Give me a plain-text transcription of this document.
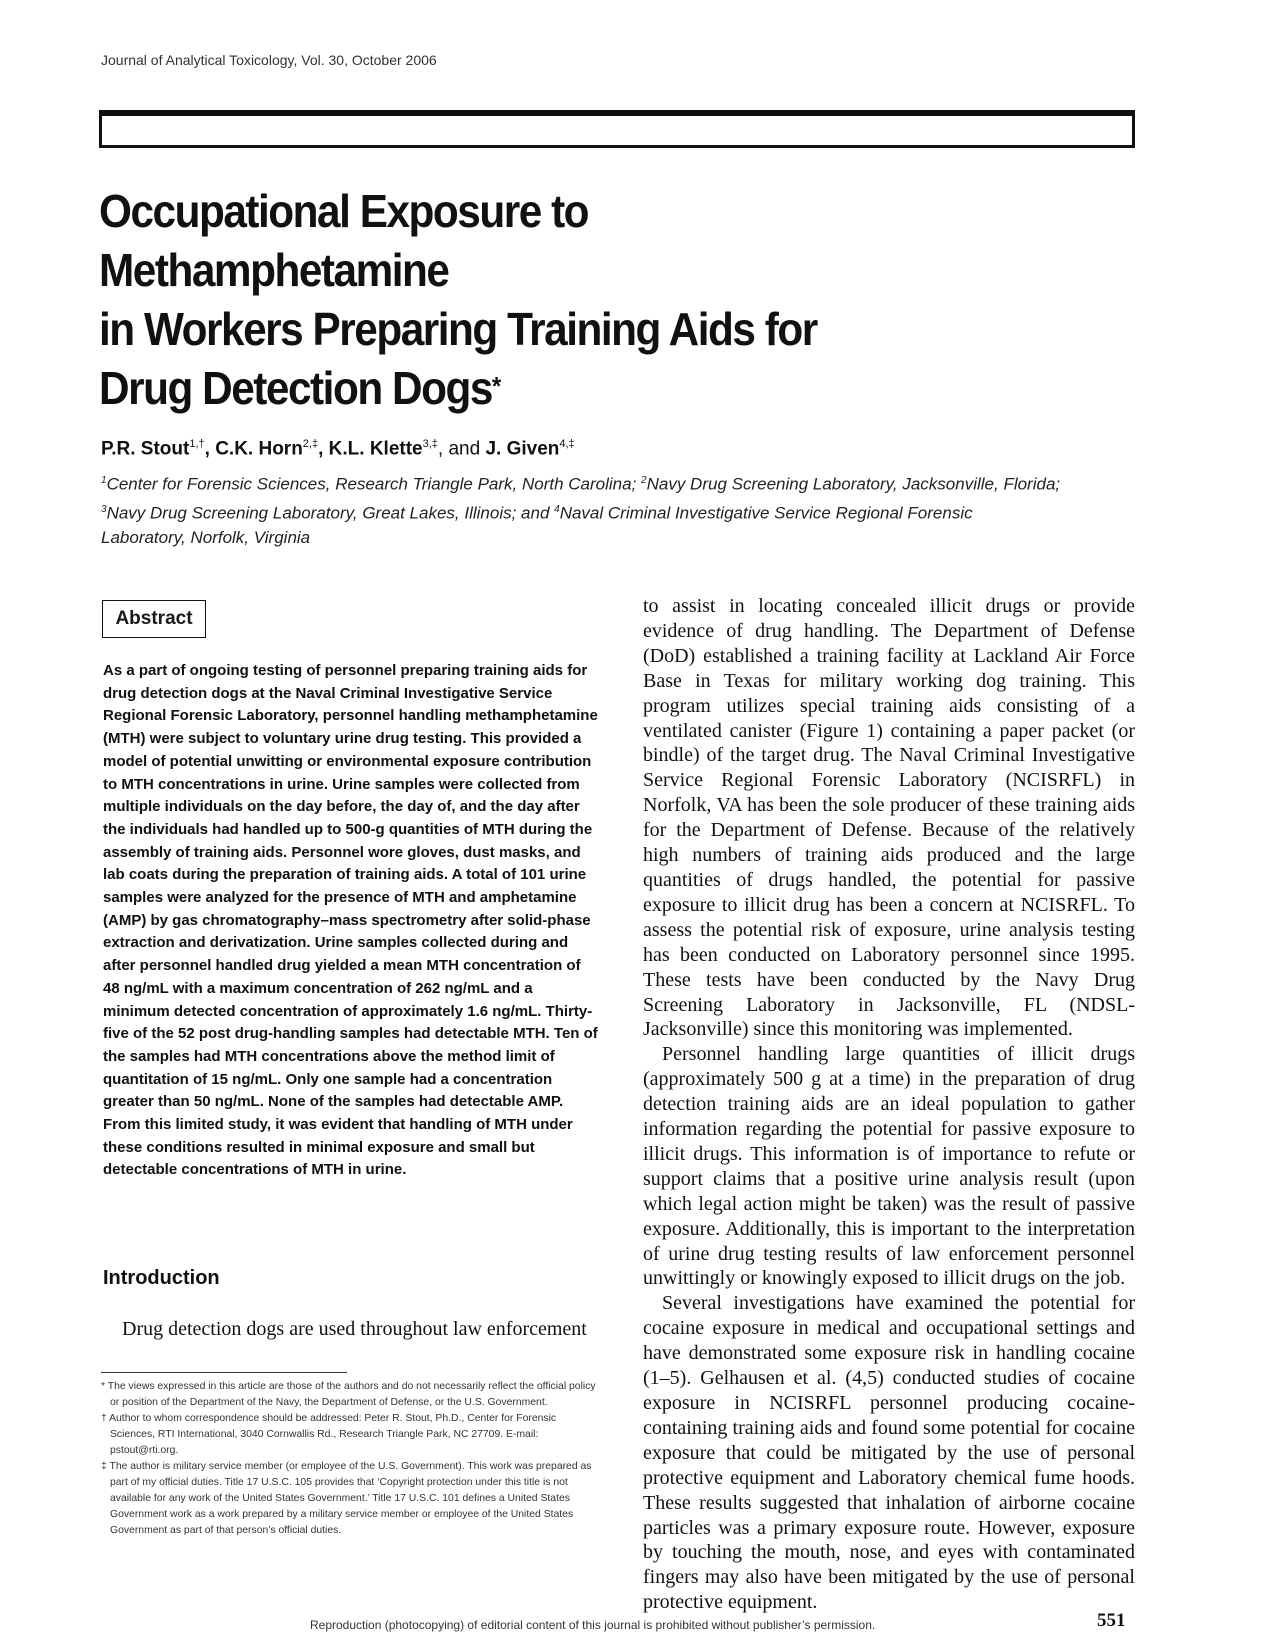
Journal of Analytical Toxicology, Vol. 30, October 2006
Occupational Exposure to Methamphetamine
in Workers Preparing Training Aids for
Drug Detection Dogs*
P.R. Stout$^{1,\dagger}$, C.K. Horn$^{2,\ddagger}$, K.L. Klette$^{3,\ddagger}$, and J. Given$^{4,\ddagger}$
$^1$Center for Forensic Sciences, Research Triangle Park, North Carolina; $^2$Navy Drug Screening Laboratory, Jacksonville, Florida; $^3$Navy Drug Screening Laboratory, Great Lakes, Illinois; and $^4$Naval Criminal Investigative Service Regional Forensic Laboratory, Norfolk, Virginia
Abstract

As a part of ongoing testing of personnel preparing training aids for drug detection dogs at the Naval Criminal Investigative Service Regional Forensic Laboratory, personnel handling methamphetamine (MTH) were subject to voluntary urine drug testing. This provided a model of potential unwitting or environmental exposure contribution to MTH concentrations in urine. Urine samples were collected from multiple individuals on the day before, the day of, and the day after the individuals had handled up to 500-g quantities of MTH during the assembly of training aids. Personnel wore gloves, dust masks, and lab coats during the preparation of training aids. A total of 101 urine samples were analyzed for the presence of MTH and amphetamine (AMP) by gas chromatography–mass spectrometry after solid-phase extraction and derivatization. Urine samples collected during and after personnel handled drug yielded a mean MTH concentration of 48 ng/mL with a maximum concentration of 262 ng/mL and a minimum detected concentration of approximately 1.6 ng/mL. Thirty-five of the 52 post drug-handling samples had detectable MTH. Ten of the samples had MTH concentrations above the method limit of quantitation of 15 ng/mL. Only one sample had a concentration greater than 50 ng/mL. None of the samples had detectable AMP. From this limited study, it was evident that handling of MTH under these conditions resulted in minimal exposure and small but detectable concentrations of MTH in urine.

Introduction

Drug detection dogs are used throughout law enforcement

* The views expressed in this article are those of the authors and do not necessarily reflect the official policy or position of the Department of the Navy, the Department of Defense, or the U.S. Government.

† Author to whom correspondence should be addressed: Peter R. Stout, Ph.D., Center for Forensic Sciences, RTI International, 3040 Cornwallis Rd., Research Triangle Park, NC 27709. E-mail: pstout@rti.org.

‡ The author is military service member (or employee of the U.S. Government). This work was prepared as part of my official duties. Title 17 U.S.C. 105 provides that ‘Copyright protection under this title is not available for any work of the United States Government.’ Title 17 U.S.C. 101 defines a United States Government work as a work prepared by a military service member or employee of the United States Government as part of that person’s official duties.

to assist in locating concealed illicit drugs or provide evidence of drug handling. The Department of Defense (DoD) established a training facility at Lackland Air Force Base in Texas for military working dog training. This program utilizes special training aids consisting of a ventilated canister (Figure 1) containing a paper packet (or bindle) of the target drug. The Naval Criminal Investigative Service Regional Forensic Laboratory (NCISRFL) in Norfolk, VA has been the sole producer of these training aids for the Department of Defense. Because of the relatively high numbers of training aids produced and the large quantities of drugs handled, the potential for passive exposure to illicit drug has been a concern at NCISRFL. To assess the potential risk of exposure, urine analysis testing has been conducted on Laboratory personnel since 1995. These tests have been conducted by the Navy Drug Screening Laboratory in Jacksonville, FL (NDSL-Jacksonville) since this monitoring was implemented.

Personnel handling large quantities of illicit drugs (approximately 500 g at a time) in the preparation of drug detection training aids are an ideal population to gather information regarding the potential for passive exposure to illicit drugs. This information is of importance to refute or support claims that a positive urine analysis result (upon which legal action might be taken) was the result of passive exposure. Additionally, this is important to the interpretation of urine drug testing results of law enforcement personnel unwittingly or knowingly exposed to illicit drugs on the job.

Several investigations have examined the potential for cocaine exposure in medical and occupational settings and have demonstrated some exposure risk in handling cocaine (1–5). Gelhausen et al. (4,5) conducted studies of cocaine exposure in NCISRFL personnel producing cocaine-containing training aids and found some potential for cocaine exposure that could be mitigated by the use of personal protective equipment and Laboratory chemical fume hoods. These results suggested that inhalation of airborne cocaine particles was a primary exposure route. However, exposure by touching the mouth, nose, and eyes with contaminated fingers may also have been mitigated by the use of personal protective equipment.

Reproduction (photocopying) of editorial content of this journal is prohibited without publisher’s permission.	551
